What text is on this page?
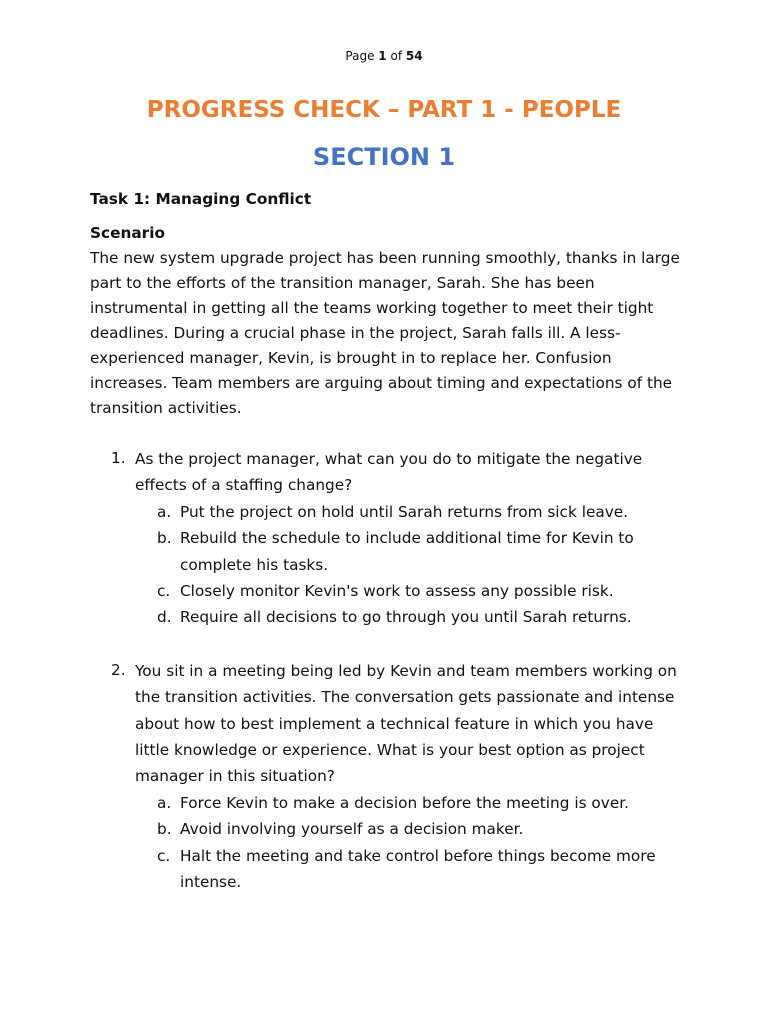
Page 1 of 54
PROGRESS CHECK – PART 1 - PEOPLE
SECTION 1

Task 1: Managing Conflict

Scenario

The new system upgrade project has been running smoothly, thanks in large part to the efforts of the transition manager, Sarah. She has been instrumental in getting all the teams working together to meet their tight deadlines. During a crucial phase in the project, Sarah falls ill. A less-experienced manager, Kevin, is brought in to replace her. Confusion increases. Team members are arguing about timing and expectations of the transition activities.

1. As the project manager, what can you do to mitigate the negative effects of a staffing change?

a. Put the project on hold until Sarah returns from sick leave.
b. Rebuild the schedule to include additional time for Kevin to complete his tasks.
c. Closely monitor Kevin's work to assess any possible risk.
d. Require all decisions to go through you until Sarah returns.
2. You sit in a meeting being led by Kevin and team members working on the transition activities. The conversation gets passionate and intense about how to best implement a technical feature in which you have little knowledge or experience. What is your best option as project manager in this situation?

a. Force Kevin to make a decision before the meeting is over.
b. Avoid involving yourself as a decision maker.
c. Halt the meeting and take control before things become more intense.
